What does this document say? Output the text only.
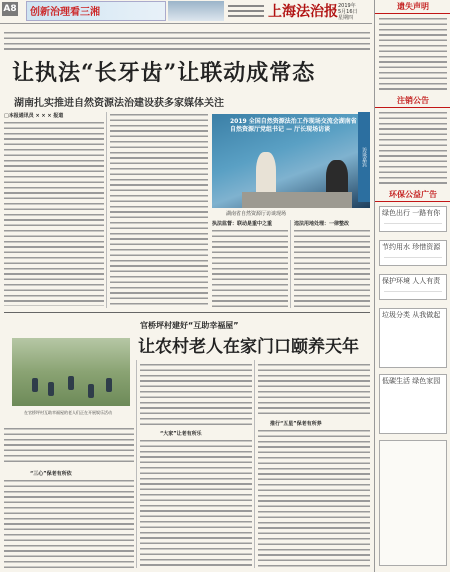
A8 创新治理看三湘	上海法治报 2019年
5月16日
星期四
让执法“长牙齿”让联动成常态
湖南扎实推进自然资源法治建设获多家媒体关注
□本报通讯员 × × × 报道
2019 全国自然资源法治工作现场交流会湖南省自然资源厅党组书记 — 厅长现场访谈
访谈嘉宾
湖南省自然资源厅访谈现场
执法监督：联动是重中之重	违法用地处理：一律整改
官桥坪村建好“互助幸福屋”
让农村老人在家门口颐养天年
在官桥坪村互助幸福屋的老人们正在开展娱乐活动
“三心”保老有所依
“大家”让老有所乐
推行“五星”保老有所养
遗失声明
注销公告
环保公益广告
绿色出行 一路有你
节约用水 珍惜资源
保护环境 人人有责
垃圾分类 从我做起
低碳生活 绿色家园
